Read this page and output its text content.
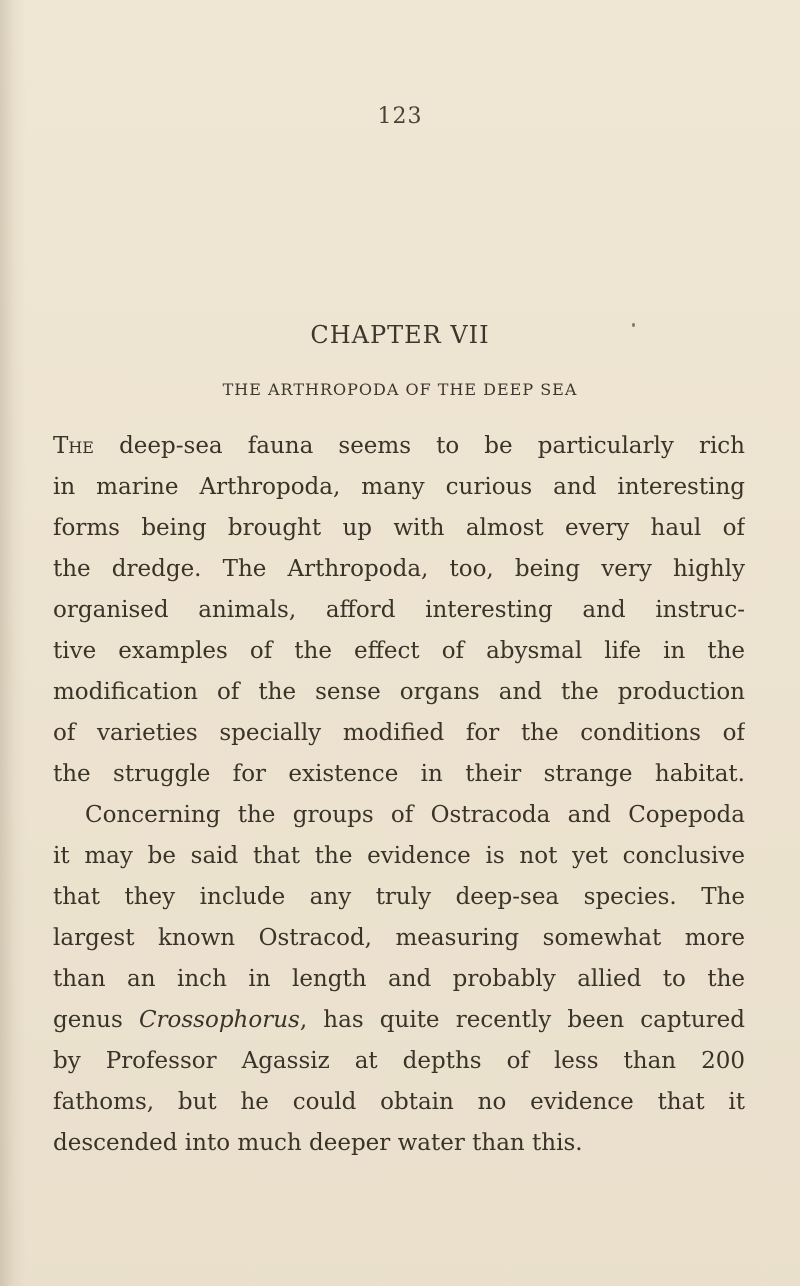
123
CHAPTER VII
THE ARTHROPODA OF THE DEEP SEA
The deep-sea fauna seems to be particularly rich
in marine Arthropoda, many curious and interesting
forms being brought up with almost every haul of
the dredge. The Arthropoda, too, being very highly
organised animals, afford interesting and instruc-
tive examples of the effect of abysmal life in the
modification of the sense organs and the production
of varieties specially modified for the conditions of
the struggle for existence in their strange habitat.
Concerning the groups of Ostracoda and Copepoda
it may be said that the evidence is not yet conclusive
that they include any truly deep-sea species. The
largest known Ostracod, measuring somewhat more
than an inch in length and probably allied to the
genus Crossophorus, has quite recently been captured
by Professor Agassiz at depths of less than 200
fathoms, but he could obtain no evidence that it
descended into much deeper water than this.
